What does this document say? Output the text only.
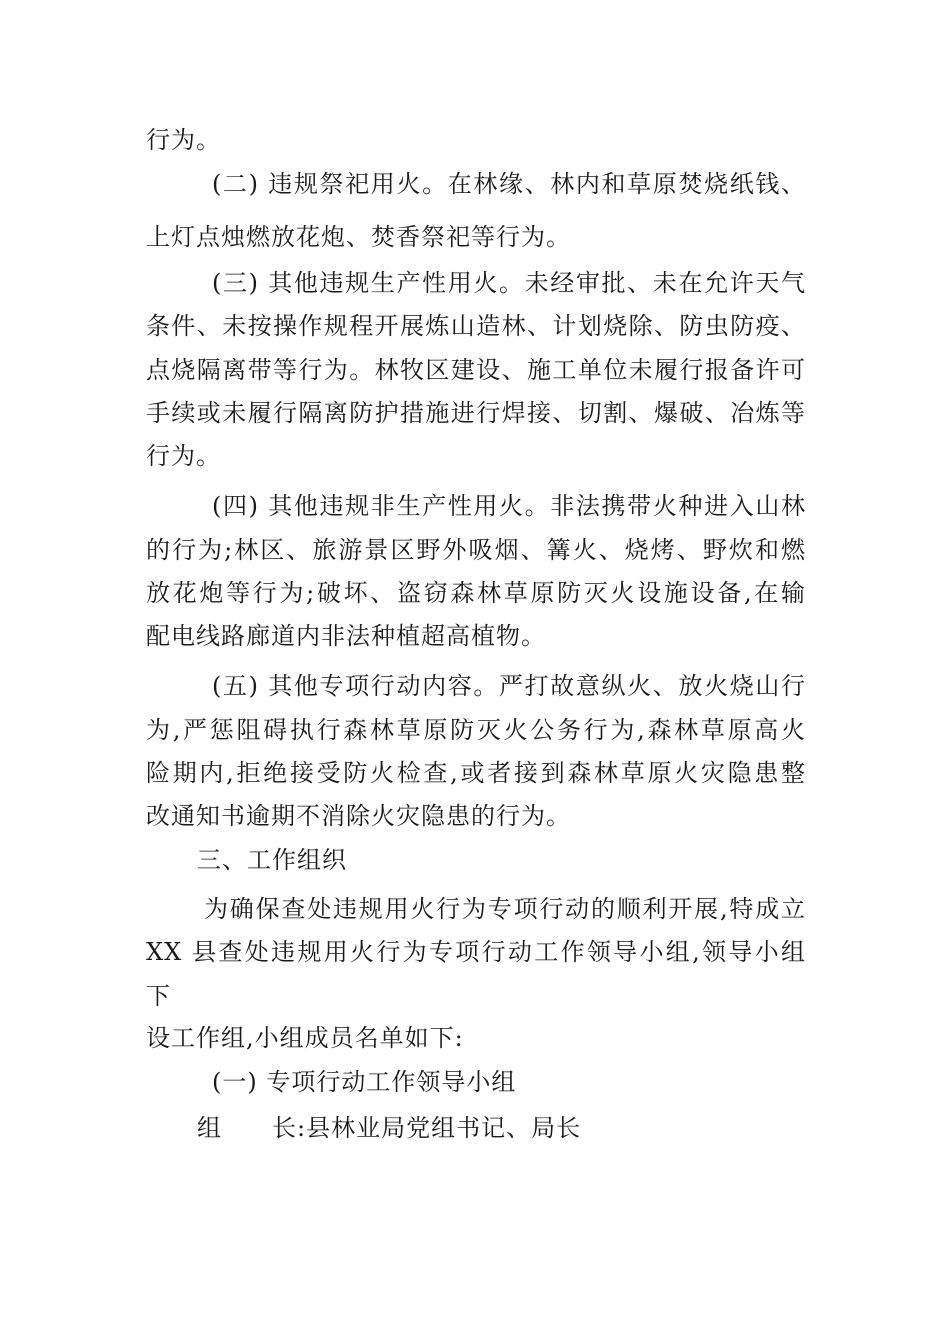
行为。
(二) 违规祭祀用火。在林缘、林内和草原焚烧纸钱、
上灯点烛燃放花炮、焚香祭祀等行为。
(三) 其他违规生产性用火。未经审批、未在允许天气
条件、未按操作规程开展炼山造林、计划烧除、防虫防疫、
点烧隔离带等行为。林牧区建设、施工单位未履行报备许可
手续或未履行隔离防护措施进行焊接、切割、爆破、冶炼等
行为。
(四) 其他违规非生产性用火。非法携带火种进入山林
的行为;林区、旅游景区野外吸烟、篝火、烧烤、野炊和燃
放花炮等行为;破坏、盗窃森林草原防灭火设施设备,在输
配电线路廊道内非法种植超高植物。
(五) 其他专项行动内容。严打故意纵火、放火烧山行
为,严惩阻碍执行森林草原防灭火公务行为,森林草原高火
险期内,拒绝接受防火检查,或者接到森林草原火灾隐患整
改通知书逾期不消除火灾隐患的行为。
三、工作组织
为确保查处违规用火行为专项行动的顺利开展,特成立
XX 县查处违规用火行为专项行动工作领导小组,领导小组
下
设工作组,小组成员名单如下:
(一) 专项行动工作领导小组
组　　长:县林业局党组书记、局长
